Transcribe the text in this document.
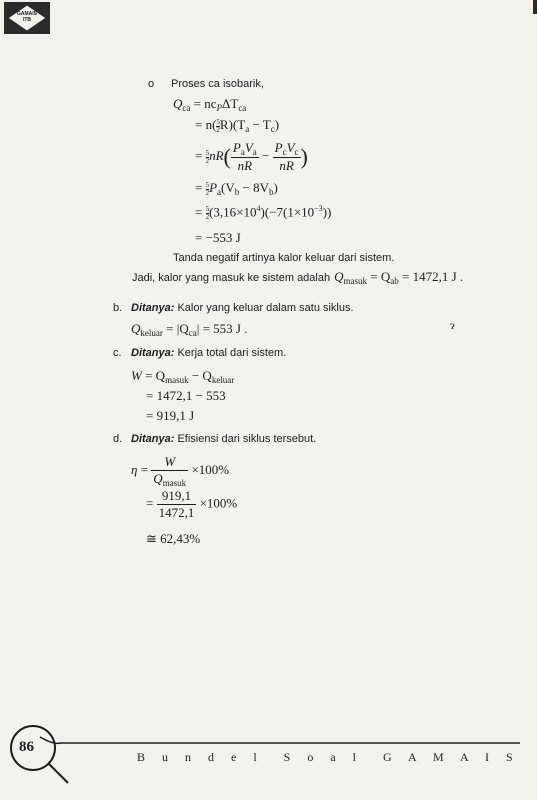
GAMAIS
ITB
o Proses ca isobarik,
$Q_{ca} = nc_P\Delta T_{ca}$
= $n( \frac{5}{2} R)(T_a - T_c)$
= $\frac{5}{2} nR( \frac{P_aV_a}{nR} - \frac{P_cV_c}{nR}$ )
= $\frac{5}{2} P_a(V_b - 8V_b)$
= $\frac{5}{2} (3,16\times 10^4)(-7(1\times 10^{-3}))$
= −553 J
Tanda negatif artinya kalor keluar dari sistem.
Jadi, kalor yang masuk ke sistem adalah $Q_{masuk} = Q_{ab} = 1472,1$ J .
b. Ditanya: Kalor yang keluar dalam satu siklus.
$Q_{keluar} = |Q_{ca}| = 553$ J .	ɂ
c. Ditanya: Kerja total dari sistem.
$W = Q_{masuk} - Q_{keluar}$
= 1472,1 − 553
= 919,1 J
d. Ditanya: Efisiensi dari siklus tersebut.
$\eta = \frac{W}{Q_{masuk}} \times 100\%$
= $\frac{919,1}{1472,1} \times 100\%$
≅ 62,43%
86
B u n d e l  S o a l  G A M A I S
